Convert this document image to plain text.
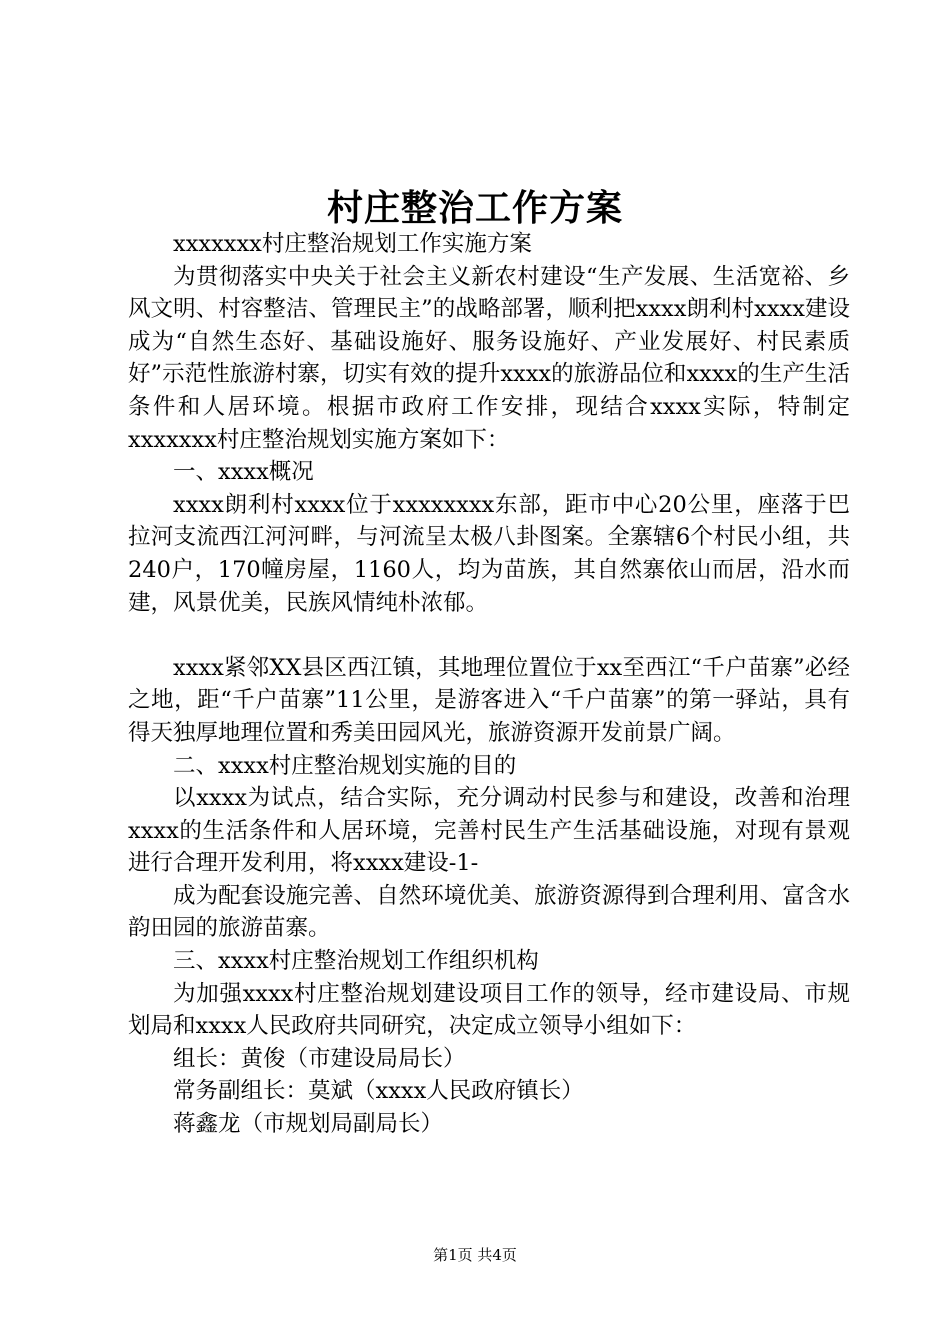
村庄整治工作方案

xxxxxxx村庄整治规划工作实施方案

为贯彻落实中央关于社会主义新农村建设“生产发展、生活宽裕、乡风文明、村容整洁、管理民主”的战略部署，顺利把xxxx朗利村xxxx建设成为“自然生态好、基础设施好、服务设施好、产业发展好、村民素质好”示范性旅游村寨，切实有效的提升xxxx的旅游品位和xxxx的生产生活条件和人居环境。根据市政府工作安排，现结合xxxx实际，特制定xxxxxxx村庄整治规划实施方案如下：

一、xxxx概况

xxxx朗利村xxxx位于xxxxxxxx东部，距市中心20公里，座落于巴拉河支流西江河河畔，与河流呈太极八卦图案。全寨辖6个村民小组，共240户，170幢房屋，1160人，均为苗族，其自然寨依山而居，沿水而建，风景优美，民族风情纯朴浓郁。

xxxx紧邻XX县区西江镇，其地理位置位于xx至西江“千户苗寨”必经之地，距“千户苗寨”11公里，是游客进入“千户苗寨”的第一驿站，具有得天独厚地理位置和秀美田园风光，旅游资源开发前景广阔。

二、xxxx村庄整治规划实施的目的

以xxxx为试点，结合实际，充分调动村民参与和建设，改善和治理xxxx的生活条件和人居环境，完善村民生产生活基础设施，对现有景观进行合理开发利用，将xxxx建设-1-

成为配套设施完善、自然环境优美、旅游资源得到合理利用、富含水韵田园的旅游苗寨。

三、xxxx村庄整治规划工作组织机构

为加强xxxx村庄整治规划建设项目工作的领导，经市建设局、市规划局和xxxx人民政府共同研究，决定成立领导小组如下：

组长：黄俊（市建设局局长）

常务副组长：莫斌（xxxx人民政府镇长）

蒋鑫龙（市规划局副局长）

第1页 共4页
